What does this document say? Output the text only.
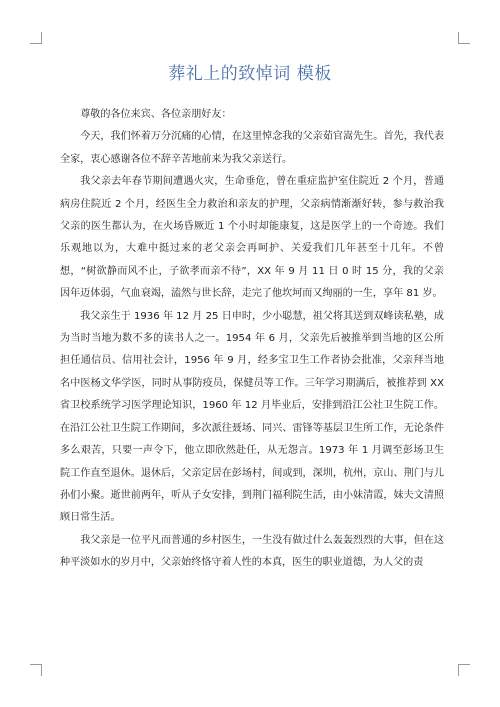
葬礼上的致悼词 模板

尊敬的各位来宾、各位亲朋好友：

今天，我们怀着万分沉痛的心情，在这里悼念我的父亲茹官嵩先生。首先，我代表全家，衷心感谢各位不辞辛苦地前来为我父亲送行。

我父亲去年春节期间遭遇火灾，生命垂危，曾在重症监护室住院近 2 个月，普通病房住院近 2 个月，经医生全力救治和亲友的护理，父亲病情渐渐好转，参与救治我父亲的医生都认为，在火场昏厥近 1 个小时却能康复，这是医学上的一个奇迹。我们乐观地以为，大难中挺过来的老父亲会再呵护、关爱我们几年甚至十几年。不曾想，“树欲静而风不止，子欲孝而亲不待”，XX 年 9 月 11 日 0 时 15 分，我的父亲因年迈体弱，气血衰竭，溘然与世长辞，走完了他坎坷而又绚丽的一生，享年 81 岁。

我父亲生于 1936 年 12 月 25 日申时，少小聪慧，祖父将其送到双峰读私塾，成为当时当地为数不多的读书人之一。1954 年 6 月，父亲先后被推举到当地的区公所担任通信员、信用社会计，1956 年 9 月，经多宝卫生工作者协会批准，父亲拜当地名中医杨文华学医，同时从事防疫员，保健员等工作。三年学习期满后，被推荐到 XX 省卫校系统学习医学理论知识，1960 年 12 月毕业后，安排到沿江公社卫生院工作。在沿江公社卫生院工作期间，多次派往聂场、同兴、雷锋等基层卫生所工作，无论条件多么艰苦，只要一声令下，他立即欣然赴任，从无怨言。1973 年 1 月调至彭场卫生院工作直至退休。退休后，父亲定居在彭场村，间或到，深圳，杭州，京山、荆门与儿孙们小聚。逝世前两年，听从子女安排，到荆门福利院生活，由小妹清霞，妹夫文清照顾日常生活。

我父亲是一位平凡而普通的乡村医生，一生没有做过什么轰轰烈烈的大事，但在这种平淡如水的岁月中，父亲始终恪守着人性的本真，医生的职业道德，为人父的责
